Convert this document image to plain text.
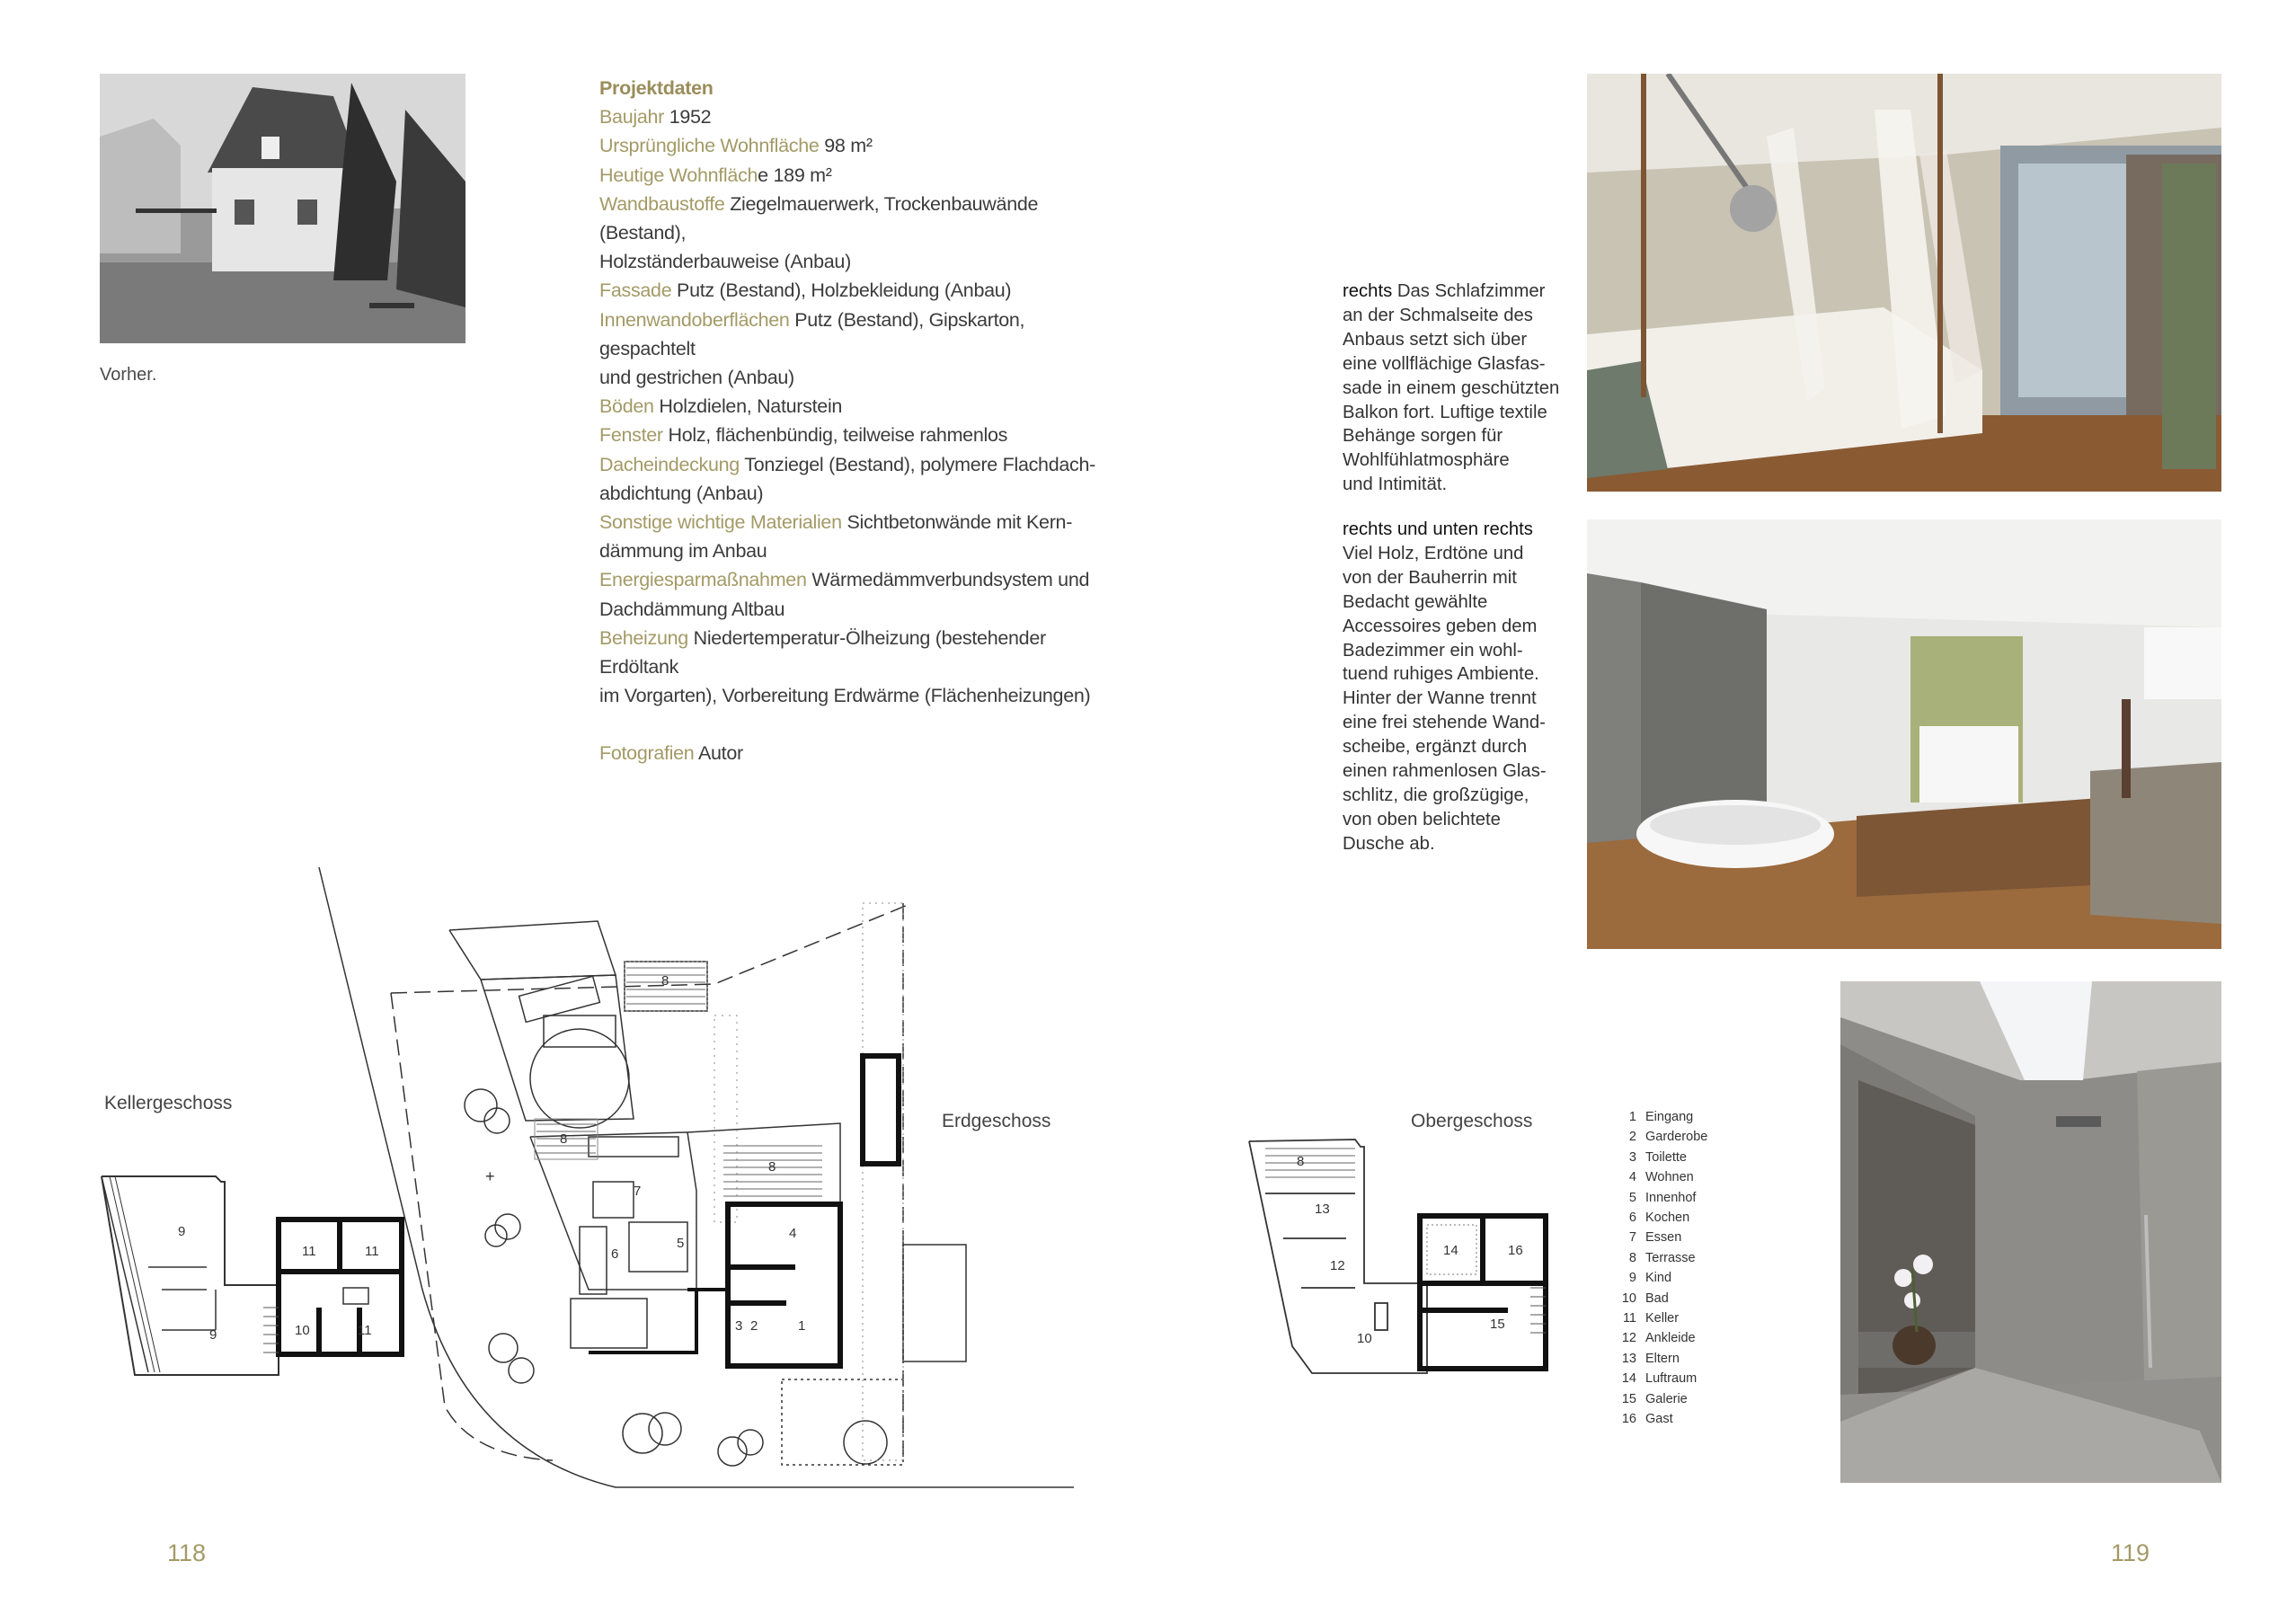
Vorher.
Projektdaten
Baujahr 1952
Ursprüngliche Wohnfläche 98 m²
Heutige Wohnfläche 189 m²
Wandbaustoffe Ziegelmauerwerk, Trockenbauwände (Bestand),
Holzständerbauweise (Anbau)
Fassade Putz (Bestand), Holzbekleidung (Anbau)
Innenwandoberflächen Putz (Bestand), Gipskarton, gespachtelt
und gestrichen (Anbau)
Böden Holzdielen, Naturstein
Fenster Holz, flächenbündig, teilweise rahmenlos
Dacheindeckung Tonziegel (Bestand), polymere Flachdach-
abdichtung (Anbau)
Sonstige wichtige Materialien Sichtbetonwände mit Kern-
dämmung im Anbau
Energiesparmaßnahmen Wärmedämmverbundsystem und
Dachdämmung Altbau
Beheizung Niedertemperatur-Ölheizung (bestehender Erdöltank
im Vorgarten), Vorbereitung Erdwärme (Flächenheizungen)
Fotografien Autor
Kellergeschoss
Erdgeschoss	Obergeschoss
9
9
11	11
10	11
8
8
8
7
6
5
4
3 2	1
+
8
13
12
10
14	16
15
118
rechts Das Schlafzimmer
an der Schmalseite des
Anbaus setzt sich über
eine vollflächige Glasfas-
sade in einem geschützten
Balkon fort. Luftige textile
Behänge sorgen für
Wohlfühlatmosphäre
und Intimität.
rechts und unten rechts
Viel Holz, Erdtöne und
von der Bauherrin mit
Bedacht gewählte
Accessoires geben dem
Badezimmer ein wohl-
tuend ruhiges Ambiente.
Hinter der Wanne trennt
eine frei stehende Wand-
scheibe, ergänzt durch
einen rahmenlosen Glas-
schlitz, die großzügige,
von oben belichtete
Dusche ab.
1 Eingang
2 Garderobe
3 Toilette
4 Wohnen
5 Innenhof
6 Kochen
7 Essen
8 Terrasse
9 Kind
10 Bad
11 Keller
12 Ankleide
13 Eltern
14 Luftraum
15 Galerie
16 Gast
119
